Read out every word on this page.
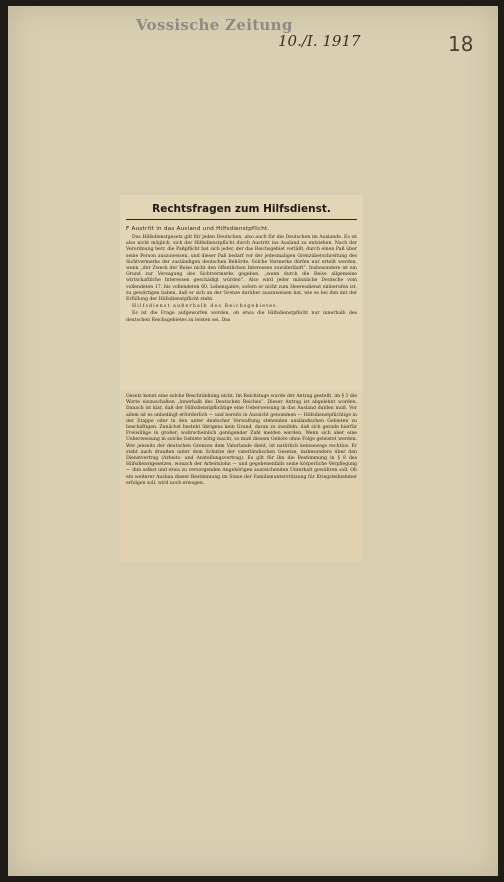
Vossische Zeitung
10./I. 1917	18
Rechtsfragen zum Hilfsdienst.
F Austritt in das Ausland und Hilfsdienstpflicht.
Das Hilfsdienstgesetz gilt für jeden Deutschen, also auch für die Deutschen im Auslande. Es ist also nicht möglich, sich der Hilfsdienstpflicht durch Austritt ins Ausland zu entziehen. Nach der Verordnung betr. die Paßpflicht hat sich jeder, der das Reichsgebiet verläßt, durch einen Paß über seine Person auszuweisen, und dieser Paß bedarf vor der jedesmaligen Grenzüberschreitung des Sichtvermerks der zuständigen deutschen Behörde. Solche Vermerke dürfen nur erteilt werden, wenn „der Zweck der Reise nicht den öffentlichen Interessen zuwiderläuft“. Insbesondere ist ein Grund zur Versagung des Sichtvermerks gegeben, „wenn durch die Reise allgemeine wirtschaftliche Interessen geschädigt würden“. Also wird jeder männliche Deutsche vom vollendeten 17. bis vollendeten 60. Lebensjahre, sofern er nicht zum Heeresdienst einberufen ist, zu gewärtigen haben, daß er sich an der Grenze darüber auszuweisen hat, wie es bei ihm mit der Erfüllung der Hilfsdienstpflicht steht.
Hilfsdienst außerhalb des Reichsgebietes.
Es ist die Frage aufgeworfen worden, ob etwa die Hilfsdienstpflicht nur innerhalb des deutschen Reichsgebietes zu leisten sei. Das
Gesetz kennt eine solche Beschränkung nicht. Im Reichstage wurde der Antrag gestellt, im § 3 die Worte einzuschalten „innerhalb des Deutschen Reiches“. Dieser Antrag ist abgelehnt worden. Danach ist klar, daß der Hilfsdienstpflichtige eine Ueberweisung in das Ausland dulden muß. Vor allem ist es unbedingt erforderlich — und bereits in Aussicht genommen — Hilfsdienstpflichtige in der Etappe oder in den unter deutscher Verwaltung stehenden ausländischen Gebieten zu beschäftigen. Zunächst besteht übrigens kein Grund, daran zu zweifeln, daß sich gerade hierfür Freiwillige in großer, wahrscheinlich genügender Zahl melden werden. Wenn sich aber eine Ueberweisung in solche Gebiete nötig macht, so muß diesem Gebote ohne Folge geleistet werden. Wer jenseits der deutschen Grenzen dem Vaterlande dient, ist natürlich keineswegs rechtlos. Er steht auch draußen unter dem Schutze der vaterländischen Gesetze, insbesondere über den Dienstvertrag (Arbeits- und Anstellungsvertrag). Es gilt für ihn die Bestimmung in § 8 des Hilfsdienstgesetzes, wonach der Arbeitslohn — und gegebenenfalls seine körperliche Verpflegung — ihm selbst und etwa zu versorgenden Angehörigen ausreichenden Unterhalt gewähren soll. Ob ein weiterer Ausbau dieser Bestimmung im Sinne der Familienunterstützung für Kriegsteilnehmer erfolgen soll, wird noch erwogen.
